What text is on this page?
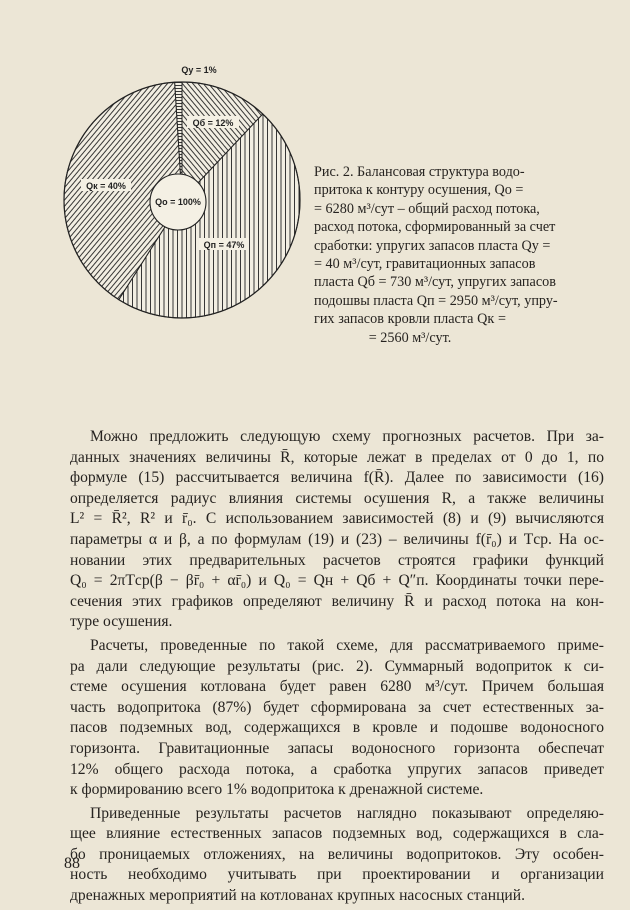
Qо = 100%
Qy = 1%
Qб = 12%
Qп = 47%
Qк = 40%
Рис. 2. Балансовая структура водо-
притока к контуру осушения, Qо =
= 6280 м³/сут – общий расход потока,
расход потока, сформированный за счет
сработки: упругих запасов пласта Qy =
= 40 м³/сут, гравитационных запасов
пласта Qб = 730 м³/сут, упругих запасов
подошвы пласта Qп = 2950 м³/сут, упру-
гих запасов кровли пласта Qк =
= 2560 м³/сут.
Можно предложить следующую схему прогнозных расчетов. При за-
данных значениях величины R̄, которые лежат в пределах от 0 до 1, по
формуле (15) рассчитывается величина f(R̄). Далее по зависимости (16)
определяется радиус влияния системы осушения R, а также величины
L² = R̄², R² и r̄₀. С использованием зависимостей (8) и (9) вычисляются
параметры α и β, а по формулам (19) и (23) – величины f(r̄₀) и Tср. На ос-
новании этих предварительных расчетов строятся графики функций
Q₀ = 2πTср(β − βr̄₀ + αr̄₀) и Q₀ = Qн + Qб + Q″п. Координаты точки пере-
сечения этих графиков определяют величину R̄ и расход потока на кон-
туре осушения.
Расчеты, проведенные по такой схеме, для рассматриваемого приме-
ра дали следующие результаты (рис. 2). Суммарный водоприток к си-
стеме осушения котлована будет равен 6280 м³/сут. Причем большая
часть водопритока (87%) будет сформирована за счет естественных за-
пасов подземных вод, содержащихся в кровле и подошве водоносного
горизонта. Гравитационные запасы водоносного горизонта обеспечат
12% общего расхода потока, а сработка упругих запасов приведет
к формированию всего 1% водопритока к дренажной системе.
Приведенные результаты расчетов наглядно показывают определяю-
щее влияние естественных запасов подземных вод, содержащихся в сла-
бо проницаемых отложениях, на величины водопритоков. Эту особен-
ность необходимо учитывать при проектировании и организации
дренажных мероприятий на котлованах крупных насосных станций.
88
